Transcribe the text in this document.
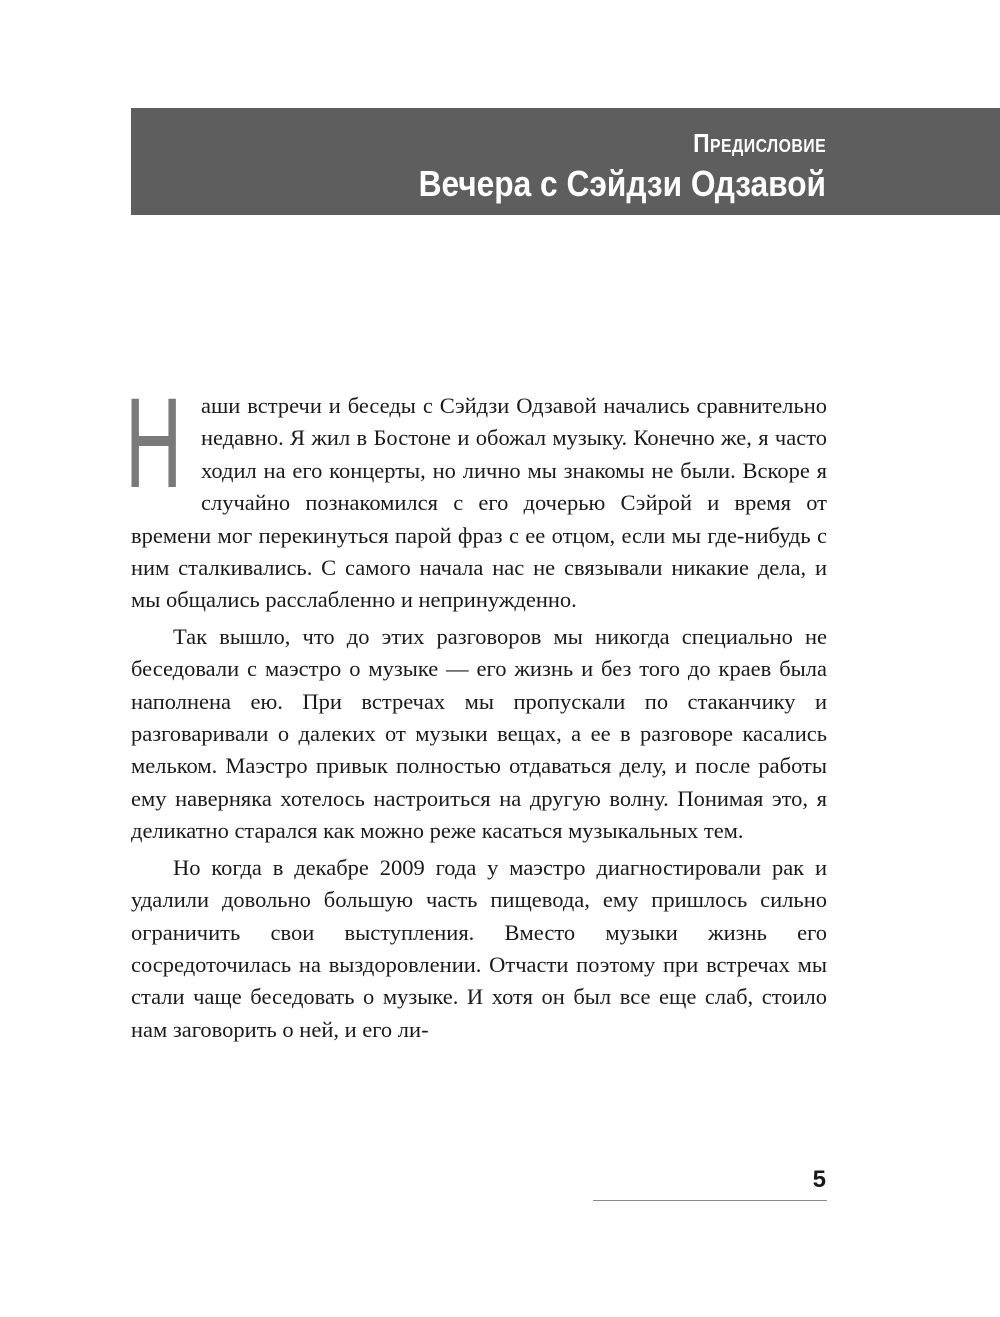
Предисловие
Вечера с Сэйдзи Одзавой

Н аши встречи и беседы с Сэйдзи Одзавой начались сравнительно недавно. Я жил в Бостоне и обожал музыку. Конечно же, я часто ходил на его концерты, но лично мы знакомы не были. Вскоре я случайно познакомился с его дочерью Сэйрой и время от времени мог перекинуться парой фраз с ее отцом, если мы где-нибудь с ним сталкивались. С самого начала нас не связывали никакие дела, и мы общались расслабленно и непринужденно.

Так вышло, что до этих разговоров мы никогда специально не беседовали с маэстро о музыке — его жизнь и без того до краев была наполнена ею. При встречах мы пропускали по стаканчику и разговаривали о далеких от музыки вещах, а ее в разговоре касались мельком. Маэстро привык полностью отдаваться делу, и после работы ему наверняка хотелось настроиться на другую волну. Понимая это, я деликатно старался как можно реже касаться музыкальных тем.

Но когда в декабре 2009 года у маэстро диагностировали рак и удалили довольно большую часть пищевода, ему пришлось сильно ограничить свои выступления. Вместо музыки жизнь его сосредоточилась на выздоровлении. Отчасти поэтому при встречах мы стали чаще беседовать о музыке. И хотя он был все еще слаб, стоило нам заговорить о ней, и его ли-

5
